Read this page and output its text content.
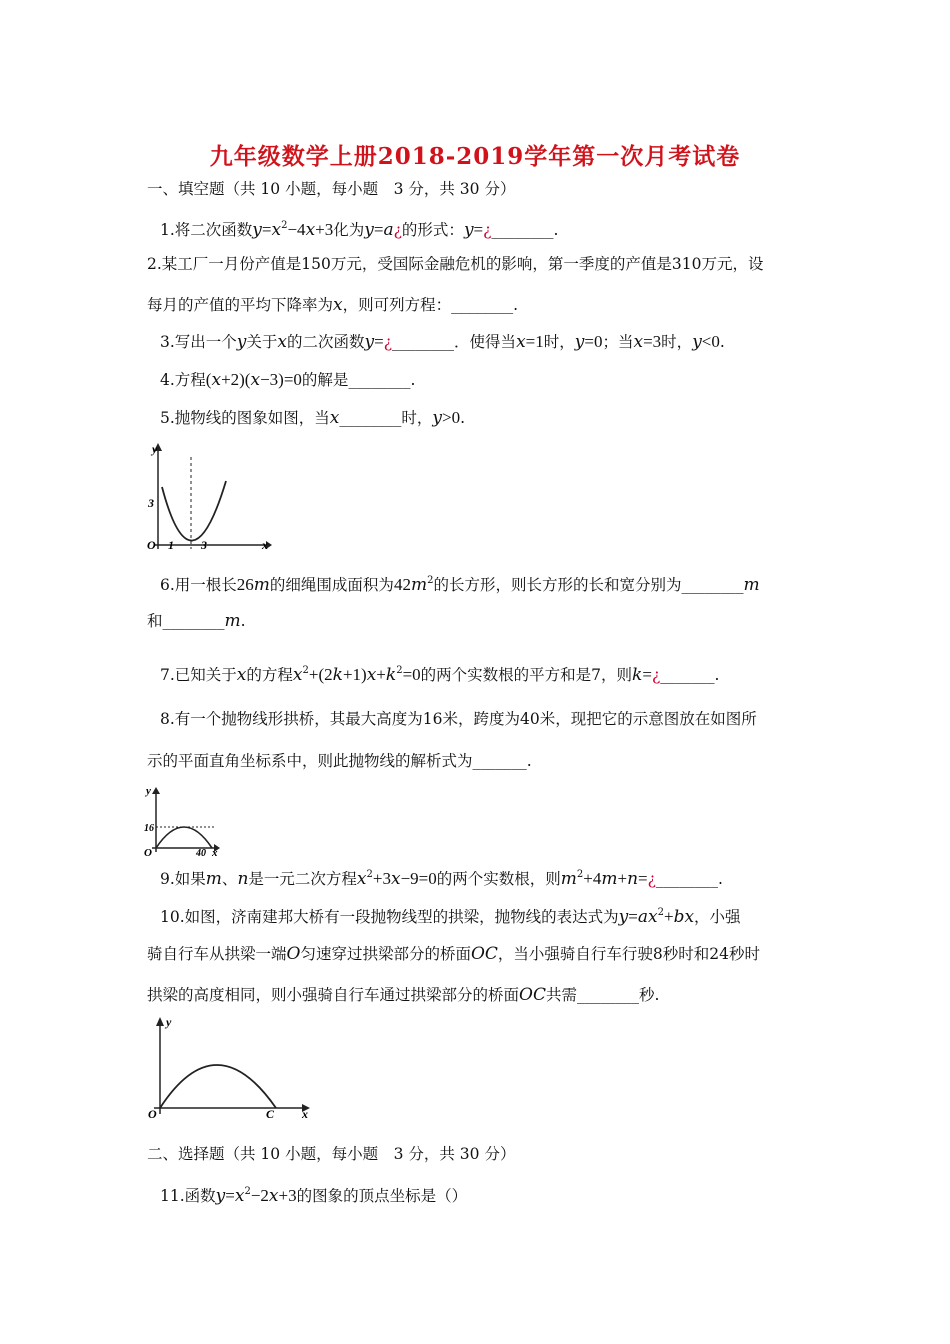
九年级数学上册2018-2019学年第一次月考试卷
一、填空题（共 10 小题，每小题　3 分，共 30 分）
1.将二次函数$y=x^2-4x+3$化为y=a¿的形式：y=¿________.
2.某工厂一月份产值是150万元，受国际金融危机的影响，第一季度的产值是310万元，设
每月的产值的平均下降率为x，则可列方程：________.
3.写出一个y关于x的二次函数y=¿________．使得当x=1时，y=0；当x=3时，y<0.
4.方程(x+2)(x−3)=0的解是________.
5.抛物线的图象如图，当x________时，y>0.
y
x
O
3
1 3
6.用一根长26m的细绳围成面积为$42m^2$的长方形，则长方形的长和宽分别为________m
和________m.
7.已知关于x的方程$x^2+(2k+1)x+k^2=0$的两个实数根的平方和是7，则k=¿_______.
8.有一个抛物线形拱桥，其最大高度为16米，跨度为40米，现把它的示意图放在如图所
示的平面直角坐标系中，则此抛物线的解析式为_______.
y
x
O
16
40
9.如果m、n是一元二次方程$x^2+3x-9=0$的两个实数根，则$m^2+4m+n=¿\_\_\_\_\_\_\_\_$.
10.如图，济南建邦大桥有一段抛物线型的拱梁，抛物线的表达式为$y=ax^2+bx$，小强
骑自行车从拱梁一端O匀速穿过拱梁部分的桥面OC，当小强骑自行车行驶8秒时和24秒时
拱梁的高度相同，则小强骑自行车通过拱梁部分的桥面OC共需________秒.
y
x
O	C
二、选择题（共 10 小题，每小题　3 分，共 30 分）
11.函数$y=x^2-2x+3$的图象的顶点坐标是（）
